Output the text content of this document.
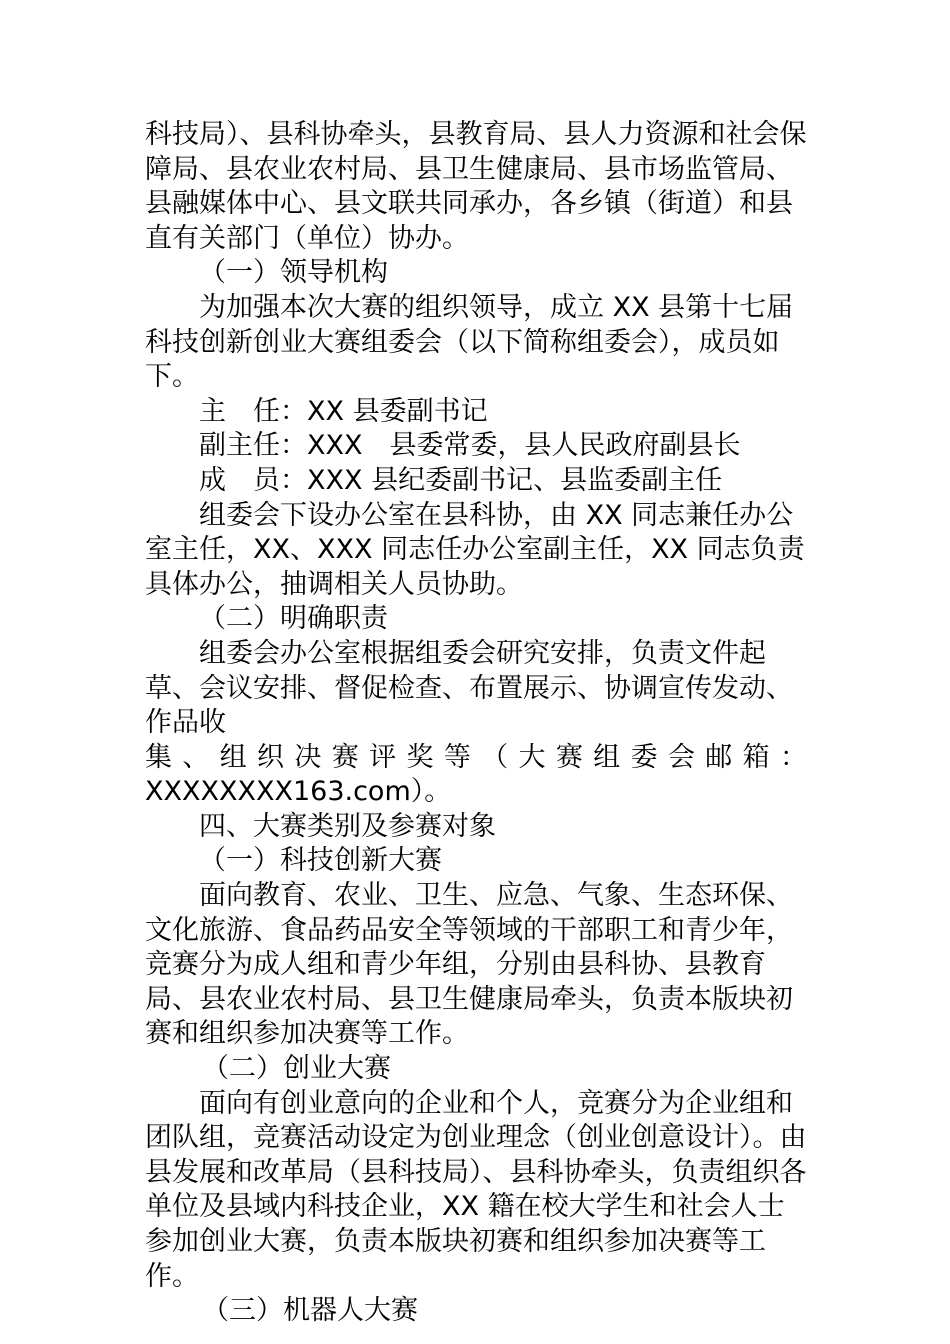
科技局）、县科协牵头，县教育局、县人力资源和社会保障局、县农业农村局、县卫生健康局、县市场监管局、县融媒体中心、县文联共同承办，各乡镇（街道）和县直有关部门（单位）协办。

（一）领导机构

为加强本次大赛的组织领导，成立 XX 县第十七届科技创新创业大赛组委会（以下简称组委会），成员如下。

主　任：XX 县委副书记

副主任：XXX　县委常委，县人民政府副县长

成　员：XXX 县纪委副书记、县监委副主任

组委会下设办公室在县科协，由 XX 同志兼任办公室主任，XX、XXX 同志任办公室副主任，XX 同志负责具体办公，抽调相关人员协助。

（二）明确职责

组委会办公室根据组委会研究安排，负责文件起草、会议安排、督促检查、布置展示、协调宣传发动、作品收
集、组织决赛评奖等（大赛组委会邮箱：
XXXXXXXX163.com）。

四、大赛类别及参赛对象

（一）科技创新大赛

面向教育、农业、卫生、应急、气象、生态环保、文化旅游、食品药品安全等领域的干部职工和青少年，竞赛分为成人组和青少年组，分别由县科协、县教育局、县农业农村局、县卫生健康局牵头，负责本版块初赛和组织参加决赛等工作。

（二）创业大赛

面向有创业意向的企业和个人，竞赛分为企业组和团队组，竞赛活动设定为创业理念（创业创意设计）。由县发展和改革局（县科技局）、县科协牵头，负责组织各单位及县域内科技企业，XX 籍在校大学生和社会人士参加创业大赛，负责本版块初赛和组织参加决赛等工作。

（三）机器人大赛
